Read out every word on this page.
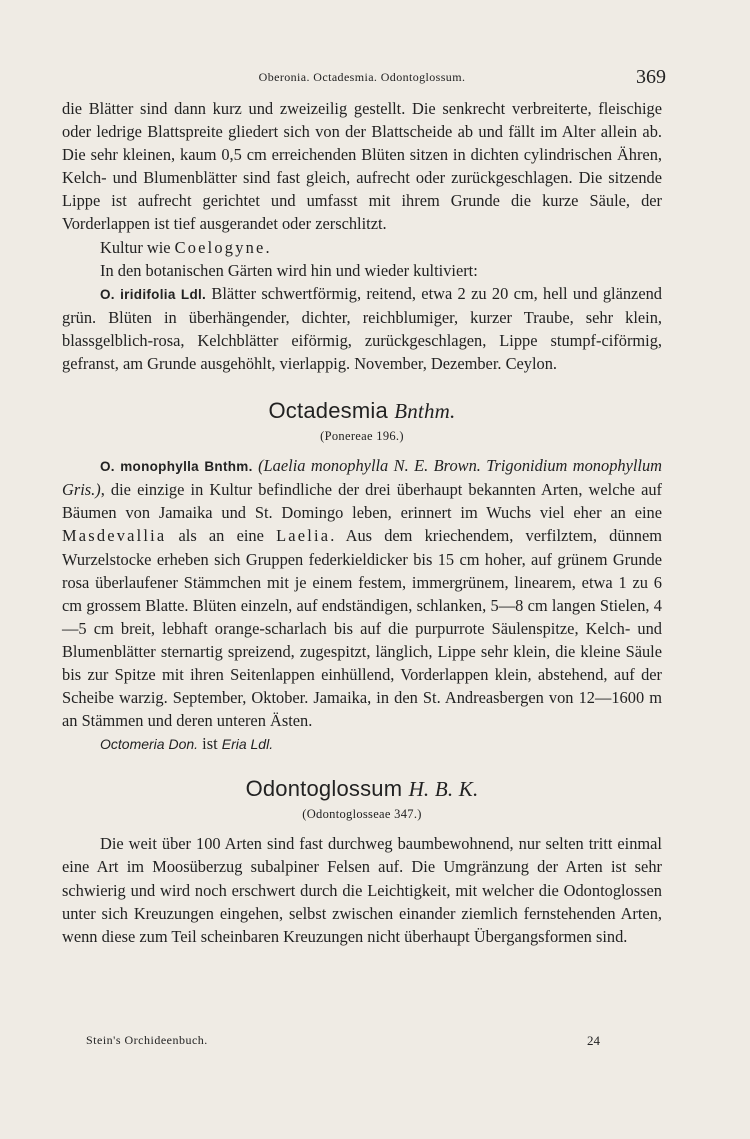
Oberonia. Octadesmia. Odontoglossum.	369

die Blätter sind dann kurz und zweizeilig gestellt. Die senkrecht verbreiterte, fleischige oder ledrige Blattspreite gliedert sich von der Blattscheide ab und fällt im Alter allein ab. Die sehr kleinen, kaum 0,5 cm erreichenden Blüten sitzen in dichten cylindrischen Ähren, Kelch- und Blumenblätter sind fast gleich, aufrecht oder zurückgeschlagen. Die sitzende Lippe ist aufrecht gerichtet und umfasst mit ihrem Grunde die kurze Säule, der Vorderlappen ist tief ausgerandet oder zerschlitzt.

Kultur wie Coelogyne.

In den botanischen Gärten wird hin und wieder kultiviert:

O. iridifolia Ldl. Blätter schwertförmig, reitend, etwa 2 zu 20 cm, hell und glänzend grün. Blüten in überhängender, dichter, reichblumiger, kurzer Traube, sehr klein, blassgelblich-rosa, Kelchblätter eiförmig, zurückgeschlagen, Lippe stumpf-ciförmig, gefranst, am Grunde ausgehöhlt, vierlappig. November, Dezember. Ceylon.

Octadesmia Bnthm.
(Ponereae 196.)

O. monophylla Bnthm. (Laelia monophylla N. E. Brown. Trigonidium monophyllum Gris.), die einzige in Kultur befindliche der drei überhaupt bekannten Arten, welche auf Bäumen von Jamaika und St. Domingo leben, erinnert im Wuchs viel eher an eine Masdevallia als an eine Laelia. Aus dem kriechendem, verfilztem, dünnem Wurzelstocke erheben sich Gruppen federkieldicker bis 15 cm hoher, auf grünem Grunde rosa überlaufener Stämmchen mit je einem festem, immergrünem, linearem, etwa 1 zu 6 cm grossem Blatte. Blüten einzeln, auf endständigen, schlanken, 5—8 cm langen Stielen, 4—5 cm breit, lebhaft orange-scharlach bis auf die purpurrote Säulenspitze, Kelch- und Blumenblätter sternartig spreizend, zugespitzt, länglich, Lippe sehr klein, die kleine Säule bis zur Spitze mit ihren Seitenlappen einhüllend, Vorderlappen klein, abstehend, auf der Scheibe warzig. September, Oktober. Jamaika, in den St. Andreasbergen von 12—1600 m an Stämmen und deren unteren Ästen.

Octomeria Don. ist Eria Ldl.

Odontoglossum H. B. K.
(Odontoglosseae 347.)

Die weit über 100 Arten sind fast durchweg baumbewohnend, nur selten tritt einmal eine Art im Moosüberzug subalpiner Felsen auf. Die Umgränzung der Arten ist sehr schwierig und wird noch erschwert durch die Leichtigkeit, mit welcher die Odontoglossen unter sich Kreuzungen eingehen, selbst zwischen einander ziemlich fernstehenden Arten, wenn diese zum Teil scheinbaren Kreuzungen nicht überhaupt Übergangsformen sind.

Stein's Orchideenbuch.	24
